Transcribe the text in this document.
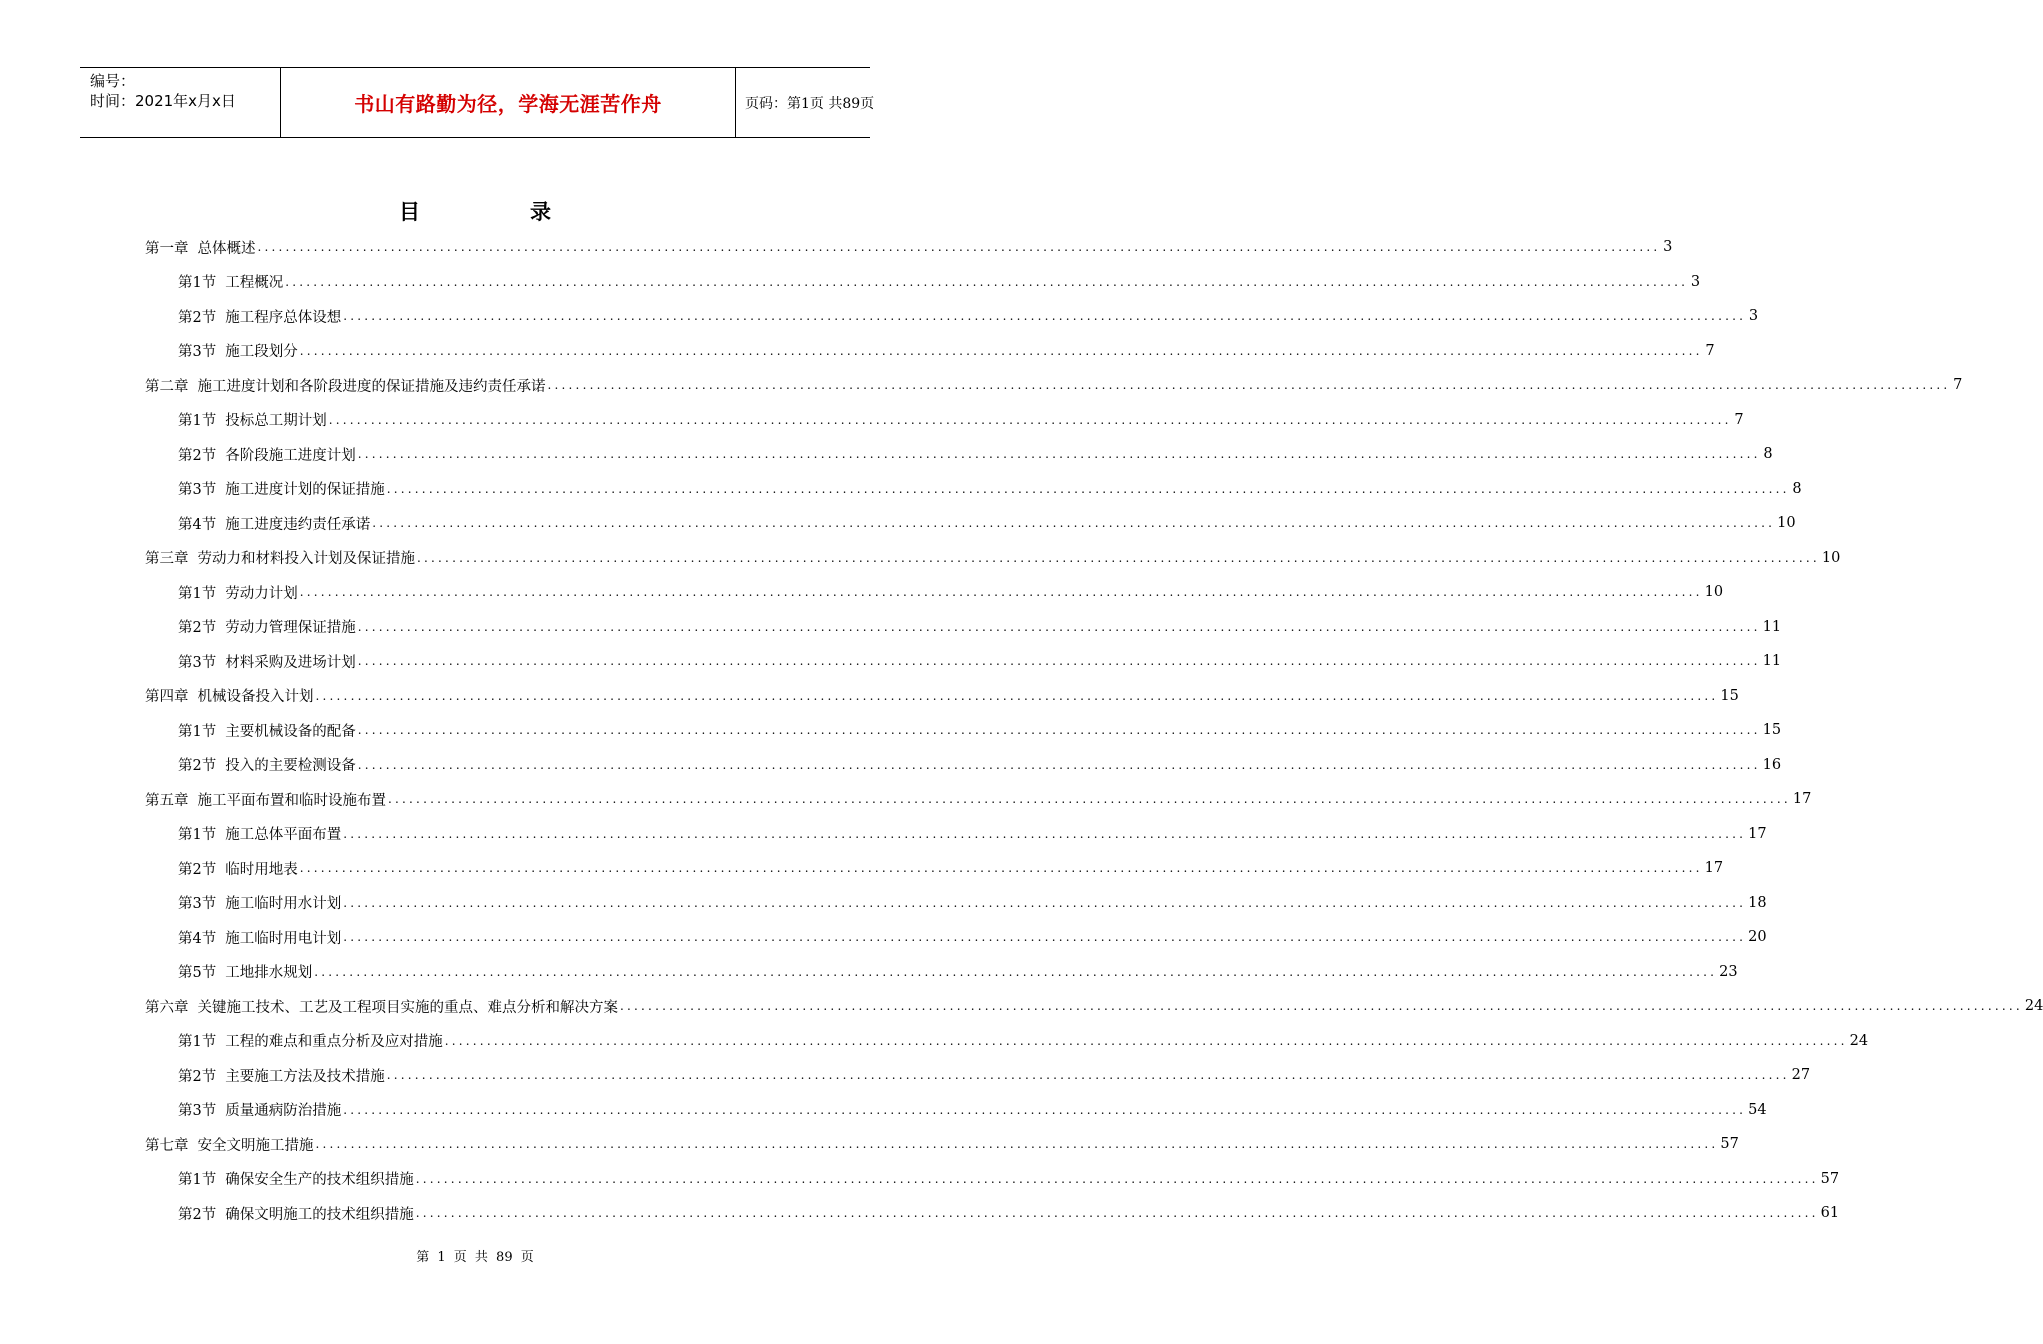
编号：
时间：2021年x月x日	书山有路勤为径，学海无涯苦作舟	页码：第1页 共89页
目	录
第一章 总体概述 ........................................................................................................................................................................................................ 3
第1节 工程概况 ........................................................................................................................................................................................................ 3
第2节 施工程序总体设想 ........................................................................................................................................................................................................ 3
第3节 施工段划分 ........................................................................................................................................................................................................ 7
第二章 施工进度计划和各阶段进度的保证措施及违约责任承诺 ........................................................................................................................................................................................................ 7
第1节 投标总工期计划 ........................................................................................................................................................................................................ 7
第2节 各阶段施工进度计划 ........................................................................................................................................................................................................ 8
第3节 施工进度计划的保证措施 ........................................................................................................................................................................................................ 8
第4节 施工进度违约责任承诺 ........................................................................................................................................................................................................ 10
第三章 劳动力和材料投入计划及保证措施 ........................................................................................................................................................................................................ 10
第1节 劳动力计划 ........................................................................................................................................................................................................ 10
第2节 劳动力管理保证措施 ........................................................................................................................................................................................................ 11
第3节 材料采购及进场计划 ........................................................................................................................................................................................................ 11
第四章 机械设备投入计划 ........................................................................................................................................................................................................ 15
第1节 主要机械设备的配备 ........................................................................................................................................................................................................ 15
第2节 投入的主要检测设备 ........................................................................................................................................................................................................ 16
第五章 施工平面布置和临时设施布置 ........................................................................................................................................................................................................ 17
第1节 施工总体平面布置 ........................................................................................................................................................................................................ 17
第2节 临时用地表 ........................................................................................................................................................................................................ 17
第3节 施工临时用水计划 ........................................................................................................................................................................................................ 18
第4节 施工临时用电计划 ........................................................................................................................................................................................................ 20
第5节 工地排水规划 ........................................................................................................................................................................................................ 23
第六章 关键施工技术、工艺及工程项目实施的重点、难点分析和解决方案 ........................................................................................................................................................................................................ 24
第1节 工程的难点和重点分析及应对措施 ........................................................................................................................................................................................................ 24
第2节 主要施工方法及技术措施 ........................................................................................................................................................................................................ 27
第3节 质量通病防治措施 ........................................................................................................................................................................................................ 54
第七章 安全文明施工措施 ........................................................................................................................................................................................................ 57
第1节 确保安全生产的技术组织措施 ........................................................................................................................................................................................................ 57
第2节 确保文明施工的技术组织措施 ........................................................................................................................................................................................................ 61
第 1 页 共 89 页
